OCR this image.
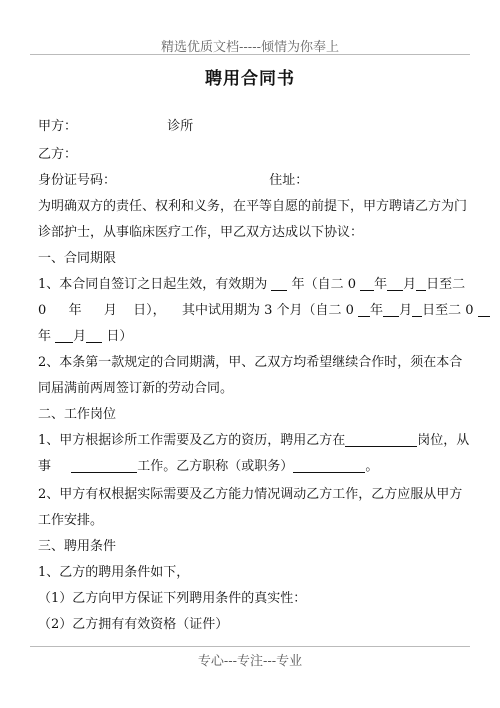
精选优质文档-----倾情为你奉上
聘用合同书
甲方：	诊所
乙方：
身份证号码：	住址：
为明确双方的责任、权利和义务，在平等自愿的前提下，甲方聘请乙方为门
诊部护士，从事临床医疗工作，甲乙双方达成以下协议：
一、合同期限
1、本合同自签订之日起生效，有效期为 年（自二 0 年 月 日至二
0 年 月 日）， 其中试用期为 3 个月（自二 0 年 月 日至二 0
年 月 日）
2、本条第一款规定的合同期满，甲、乙双方均希望继续合作时，须在本合
同届满前两周签订新的劳动合同。
二、工作岗位
1、甲方根据诊所工作需要及乙方的资历，聘用乙方在	岗位，从
事	工作。乙方职称（或职务）	。
2、甲方有权根据实际需要及乙方能力情况调动乙方工作，乙方应服从甲方
工作安排。
三、聘用条件
1、乙方的聘用条件如下，
（1）乙方向甲方保证下列聘用条件的真实性：
（2）乙方拥有有效资格（证件）
专心---专注---专业
